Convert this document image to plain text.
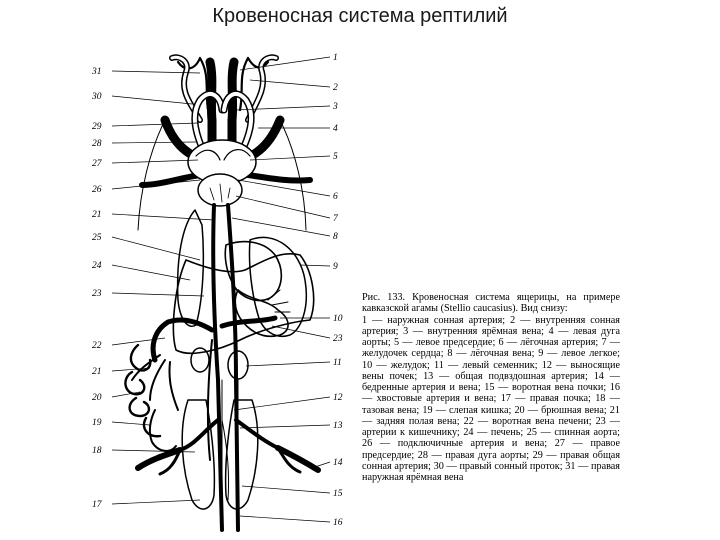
Кровеносная система рептилий
31
30
29
28
27
26
21
25
24
23
22
21
20
19
18
17
1
2
3
4
5
6
7
8
9
10
23
11
12
13
14
15
16
Рис. 133. Кровеносная система ящерицы, на примере кавказской агамы (Stellio caucasius). Вид снизу:
1 — наружная сонная артерия; 2 — внутренняя сонная артерия; 3 — внутренняя ярёмная вена; 4 — левая дуга аорты; 5 — левое предсердие; 6 — лёгочная артерия; 7 — желудочек сердца; 8 — лёгочная вена; 9 — левое легкое; 10 — желудок; 11 — левый семенник; 12 — выносящие вены почек; 13 — общая подвздошная артерия; 14 — бедренные артерия и вена; 15 — воротная вена почки; 16 — хвостовые артерия и вена; 17 — правая почка; 18 — тазовая вена; 19 — слепая кишка; 20 — брюшная вена; 21 — задняя полая вена; 22 — воротная вена печени; 23 — артерии к кишечнику; 24 — печень; 25 — спинная аорта; 26 — подключичные артерия и вена; 27 — правое предсердие; 28 — правая дуга аорты; 29 — правая общая сонная артерия; 30 — правый сонный проток; 31 — правая наружная ярёмная вена
